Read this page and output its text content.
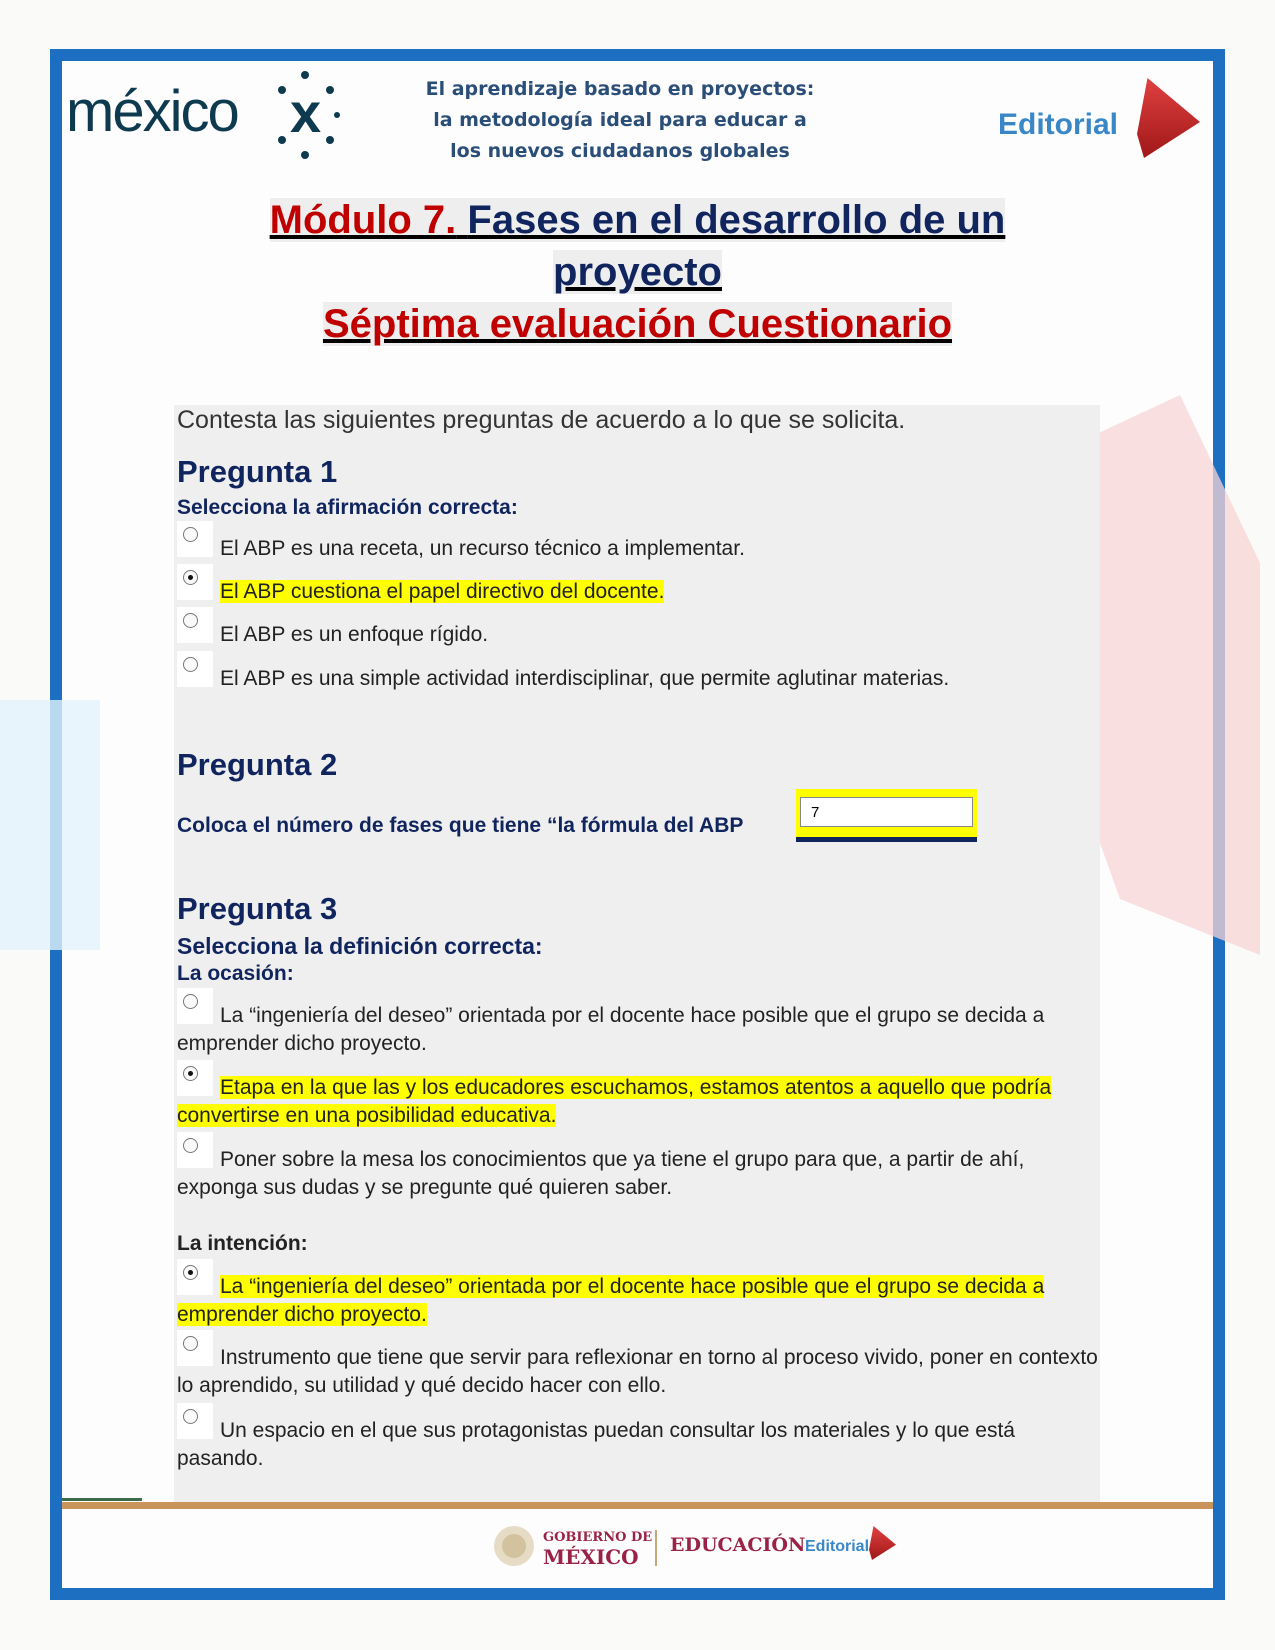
méxico x	El aprendizaje basado en proyectos:
la metodología ideal para educar a
los nuevos ciudadanos globales
Editorial
Módulo 7. Fases en el desarrollo de un
proyecto
Séptima evaluación Cuestionario
Contesta las siguientes preguntas de acuerdo a lo que se solicita.
Pregunta 1
Selecciona la afirmación correcta:
El ABP es una receta, un recurso técnico a implementar.
El ABP cuestiona el papel directivo del docente.
El ABP es un enfoque rígido.
El ABP es una simple actividad interdisciplinar, que permite aglutinar materias.
Pregunta 2
Coloca el número de fases que tiene “la fórmula del ABP
7
Pregunta 3
Selecciona la definición correcta:
La ocasión:
La “ingeniería del deseo” orientada por el docente hace posible que el grupo se decida a emprender dicho proyecto.
Etapa en la que las y los educadores escuchamos, estamos atentos a aquello que podría convertirse en una posibilidad educativa.
Poner sobre la mesa los conocimientos que ya tiene el grupo para que, a partir de ahí, exponga sus dudas y se pregunte qué quieren saber.
La intención:
La “ingeniería del deseo” orientada por el docente hace posible que el grupo se decida a emprender dicho proyecto.
Instrumento que tiene que servir para reflexionar en torno al proceso vivido, poner en contexto lo aprendido, su utilidad y qué decido hacer con ello.
Un espacio en el que sus protagonistas puedan consultar los materiales y lo que está pasando.
GOBIERNO DE
MÉXICO	EDUCACIÓN Editorial
